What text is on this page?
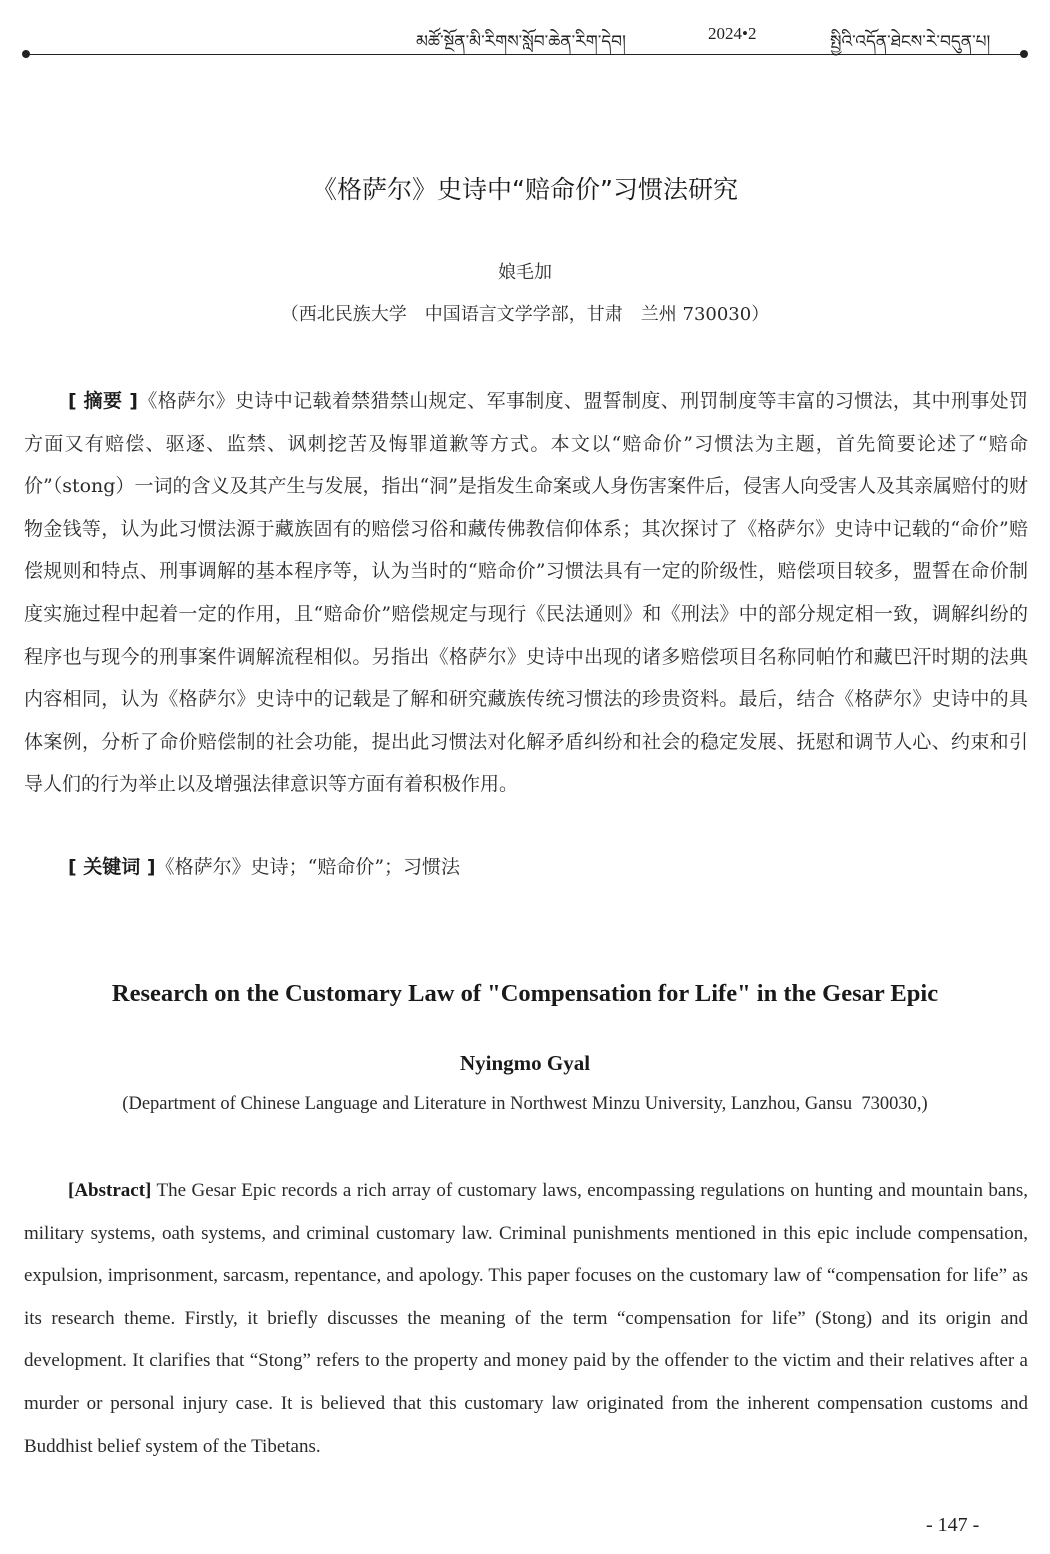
མཚོ་སྔོན་མི་རིགས་སློབ་ཆེན་རིག་དེབ།	2024•2	སྤྱིའི་འདོན་ཐེངས་རེ་བདུན་པ།
《格萨尔》史诗中“赔命价”习惯法研究
娘毛加
（西北民族大学　中国语言文学学部，甘肃　兰州 730030）

[ 摘要 ]《格萨尔》史诗中记载着禁猎禁山规定、军事制度、盟誓制度、刑罚制度等丰富的习惯法，其中刑事处罚方面又有赔偿、驱逐、监禁、讽刺挖苦及悔罪道歉等方式。本文以“赔命价”习惯法为主题，首先简要论述了“赔命价”（stong）一词的含义及其产生与发展，指出“洞”是指发生命案或人身伤害案件后，侵害人向受害人及其亲属赔付的财物金钱等，认为此习惯法源于藏族固有的赔偿习俗和藏传佛教信仰体系；其次探讨了《格萨尔》史诗中记载的“命价”赔偿规则和特点、刑事调解的基本程序等，认为当时的“赔命价”习惯法具有一定的阶级性，赔偿项目较多，盟誓在命价制度实施过程中起着一定的作用，且“赔命价”赔偿规定与现行《民法通则》和《刑法》中的部分规定相一致，调解纠纷的程序也与现今的刑事案件调解流程相似。另指出《格萨尔》史诗中出现的诸多赔偿项目名称同帕竹和藏巴汗时期的法典内容相同，认为《格萨尔》史诗中的记载是了解和研究藏族传统习惯法的珍贵资料。最后，结合《格萨尔》史诗中的具体案例，分析了命价赔偿制的社会功能，提出此习惯法对化解矛盾纠纷和社会的稳定发展、抚慰和调节人心、约束和引导人们的行为举止以及增强法律意识等方面有着积极作用。

[ 关键词 ]《格萨尔》史诗；“赔命价”；习惯法

Research on the Customary Law of "Compensation for Life" in the Gesar Epic
Nyingmo Gyal
(Department of Chinese Language and Literature in Northwest Minzu University, Lanzhou, Gansu  730030,)

[Abstract] The Gesar Epic records a rich array of customary laws, encompassing regulations on hunting and mountain bans, military systems, oath systems, and criminal customary law. Criminal punishments mentioned in this epic include compensation, expulsion, imprisonment, sarcasm, repentance, and apology. This paper focuses on the customary law of “compensation for life” as its research theme. Firstly, it briefly discusses the meaning of the term “compensation for life” (Stong) and its origin and development. It clarifies that “Stong” refers to the property and money paid by the offender to the victim and their relatives after a murder or personal injury case. It is believed that this customary law originated from the inherent compensation customs and Buddhist belief system of the Tibetans.

- 147 -
